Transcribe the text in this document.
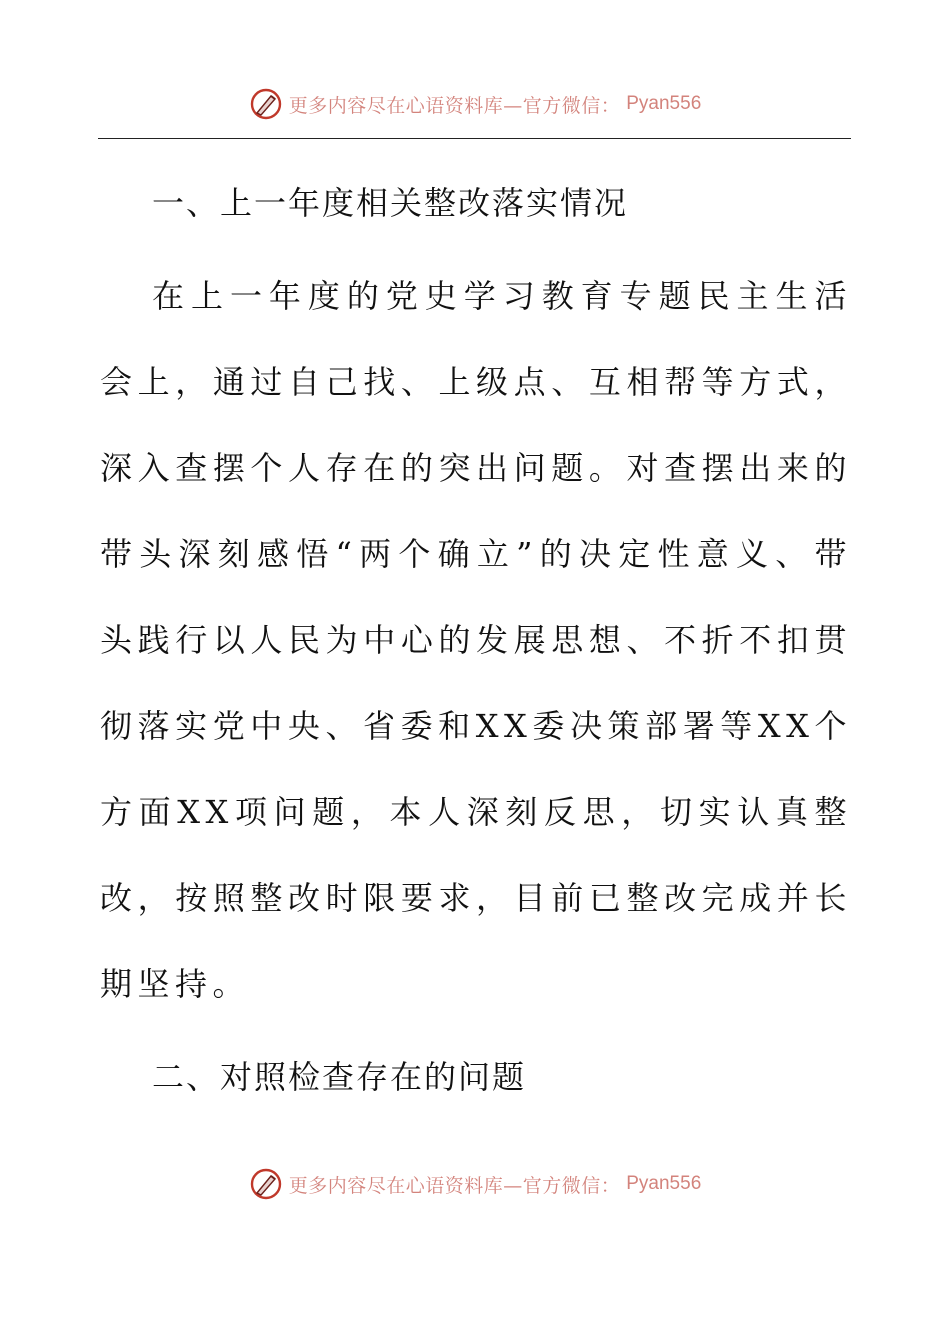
更多内容尽在心语资料库—官方微信： Pyan556

一、上一年度相关整改落实情况

在上一年度的党史学习教育专题民主生活会上，通过自己找、上级点、互相帮等方式，深入查摆个人存在的突出问题。对查摆出来的带头深刻感悟“两个确立”的决定性意义、带头践行以人民为中心的发展思想、不折不扣贯彻落实党中央、省委和XX委决策部署等XX个方面XX项问题，本人深刻反思，切实认真整改，按照整改时限要求，目前已整改完成并长期坚持。

二、对照检查存在的问题

更多内容尽在心语资料库—官方微信： Pyan556
